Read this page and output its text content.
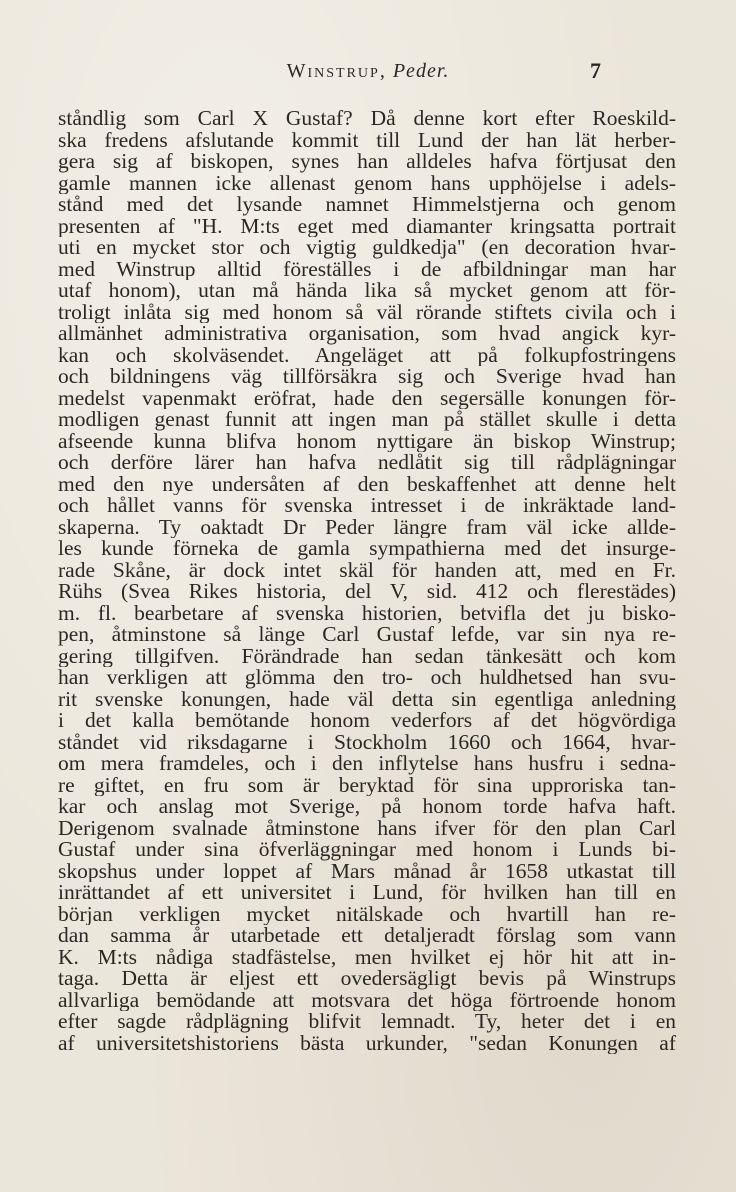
Winstrup, Peder.	7
ståndlig som Carl X Gustaf? Då denne kort efter Roeskild-
ska fredens afslutande kommit till Lund der han lät herber-
gera sig af biskopen, synes han alldeles hafva förtjusat den
gamle mannen icke allenast genom hans upphöjelse i adels-
stånd med det lysande namnet Himmelstjerna och genom
presenten af "H. M:ts eget med diamanter kringsatta portrait
uti en mycket stor och vigtig guldkedja" (en decoration hvar-
med Winstrup alltid föreställes i de afbildningar man har
utaf honom), utan må hända lika så mycket genom att för-
troligt inlåta sig med honom så väl rörande stiftets civila och i
allmänhet administrativa organisation, som hvad angick kyr-
kan och skolväsendet. Angeläget att på folkupfostringens
och bildningens väg tillförsäkra sig och Sverige hvad han
medelst vapenmakt eröfrat, hade den segersälle konungen för-
modligen genast funnit att ingen man på stället skulle i detta
afseende kunna blifva honom nyttigare än biskop Winstrup;
och derföre lärer han hafva nedlåtit sig till rådplägningar
med den nye undersåten af den beskaffenhet att denne helt
och hållet vanns för svenska intresset i de inkräktade land-
skaperna. Ty oaktadt Dr Peder längre fram väl icke allde-
les kunde förneka de gamla sympathierna med det insurge-
rade Skåne, är dock intet skäl för handen att, med en Fr.
Rühs (Svea Rikes historia, del V, sid. 412 och flerestädes)
m. fl. bearbetare af svenska historien, betvifla det ju bisko-
pen, åtminstone så länge Carl Gustaf lefde, var sin nya re-
gering tillgifven. Förändrade han sedan tänkesätt och kom
han verkligen att glömma den tro- och huldhetsed han svu-
rit svenske konungen, hade väl detta sin egentliga anledning
i det kalla bemötande honom vederfors af det högvördiga
ståndet vid riksdagarne i Stockholm 1660 och 1664, hvar-
om mera framdeles, och i den inflytelse hans husfru i sedna-
re giftet, en fru som är beryktad för sina upproriska tan-
kar och anslag mot Sverige, på honom torde hafva haft.
Derigenom svalnade åtminstone hans ifver för den plan Carl
Gustaf under sina öfverläggningar med honom i Lunds bi-
skopshus under loppet af Mars månad år 1658 utkastat till
inrättandet af ett universitet i Lund, för hvilken han till en
början verkligen mycket nitälskade och hvartill han re-
dan samma år utarbetade ett detaljeradt förslag som vann
K. M:ts nådiga stadfästelse, men hvilket ej hör hit att in-
taga. Detta är eljest ett ovedersägligt bevis på Winstrups
allvarliga bemödande att motsvara det höga förtroende honom
efter sagde rådplägning blifvit lemnadt. Ty, heter det i en
af universitetshistoriens bästa urkunder, "sedan Konungen af
